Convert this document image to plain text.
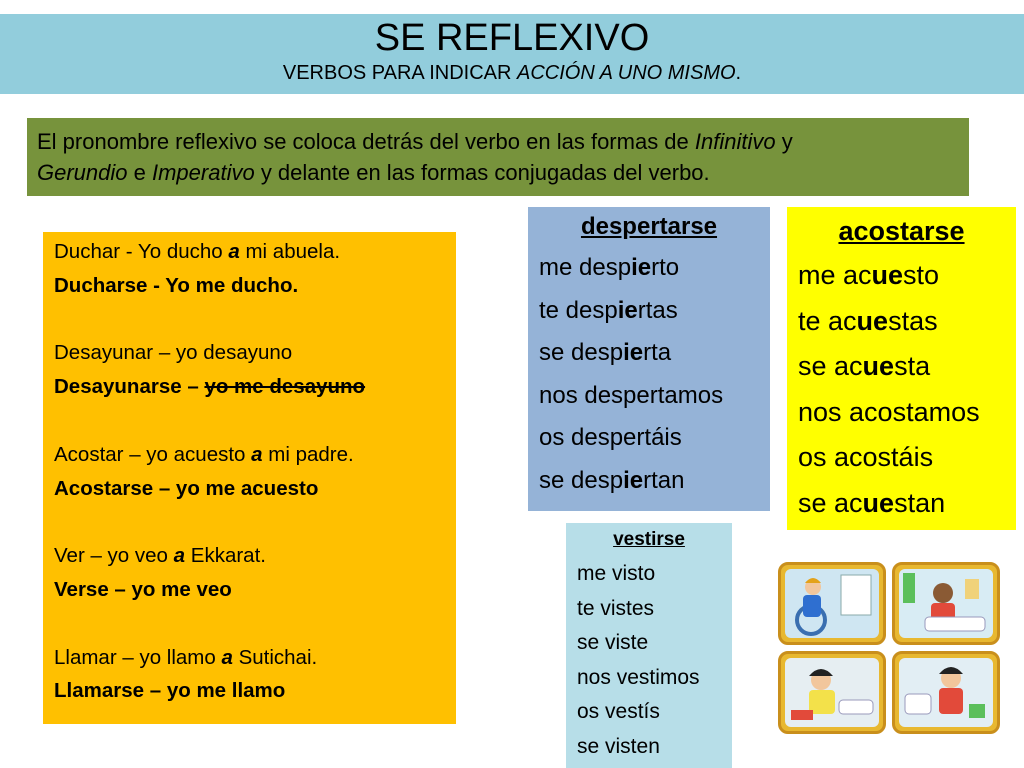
SE REFLEXIVO
VERBOS PARA INDICAR ACCIÓN A UNO MISMO.
El pronombre reflexivo se coloca detrás del verbo en las formas de Infinitivo y
Gerundio e Imperativo y delante en las formas conjugadas del verbo.
Duchar - Yo ducho a mi abuela.
Ducharse - Yo me ducho.
Desayunar – yo desayuno
Desayunarse – yo me desayuno
Acostar – yo acuesto a mi padre.
Acostarse – yo me acuesto
Ver – yo veo a Ekkarat.
Verse – yo me veo
Llamar – yo llamo a Sutichai.
Llamarse – yo me llamo
despertarse
me despierto
te despiertas
se despierta
nos despertamos
os despertáis
se despiertan
acostarse
me acuesto
te acuestas
se acuesta
nos acostamos
os acostáis
se acuestan
vestirse
me visto
te vistes
se viste
nos vestimos
os vestís
se visten
